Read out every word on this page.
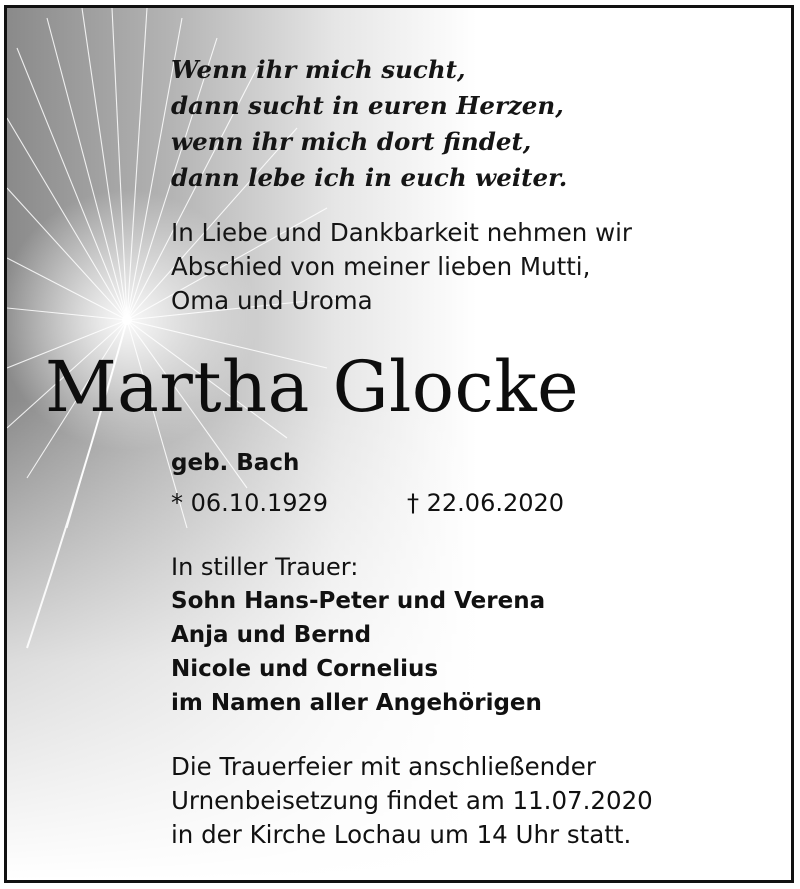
Wenn ihr mich sucht,
dann sucht in euren Herzen,
wenn ihr mich dort findet,
dann lebe ich in euch weiter.
In Liebe und Dankbarkeit nehmen wir
Abschied von meiner lieben Mutti,
Oma und Uroma
Martha Glocke
geb. Bach
* 06.10.1929	† 22.06.2020
In stiller Trauer:
Sohn Hans-Peter und Verena
Anja und Bernd
Nicole und Cornelius
im Namen aller Angehörigen
Die Trauerfeier mit anschließender
Urnenbeisetzung findet am 11.07.2020
in der Kirche Lochau um 14 Uhr statt.
